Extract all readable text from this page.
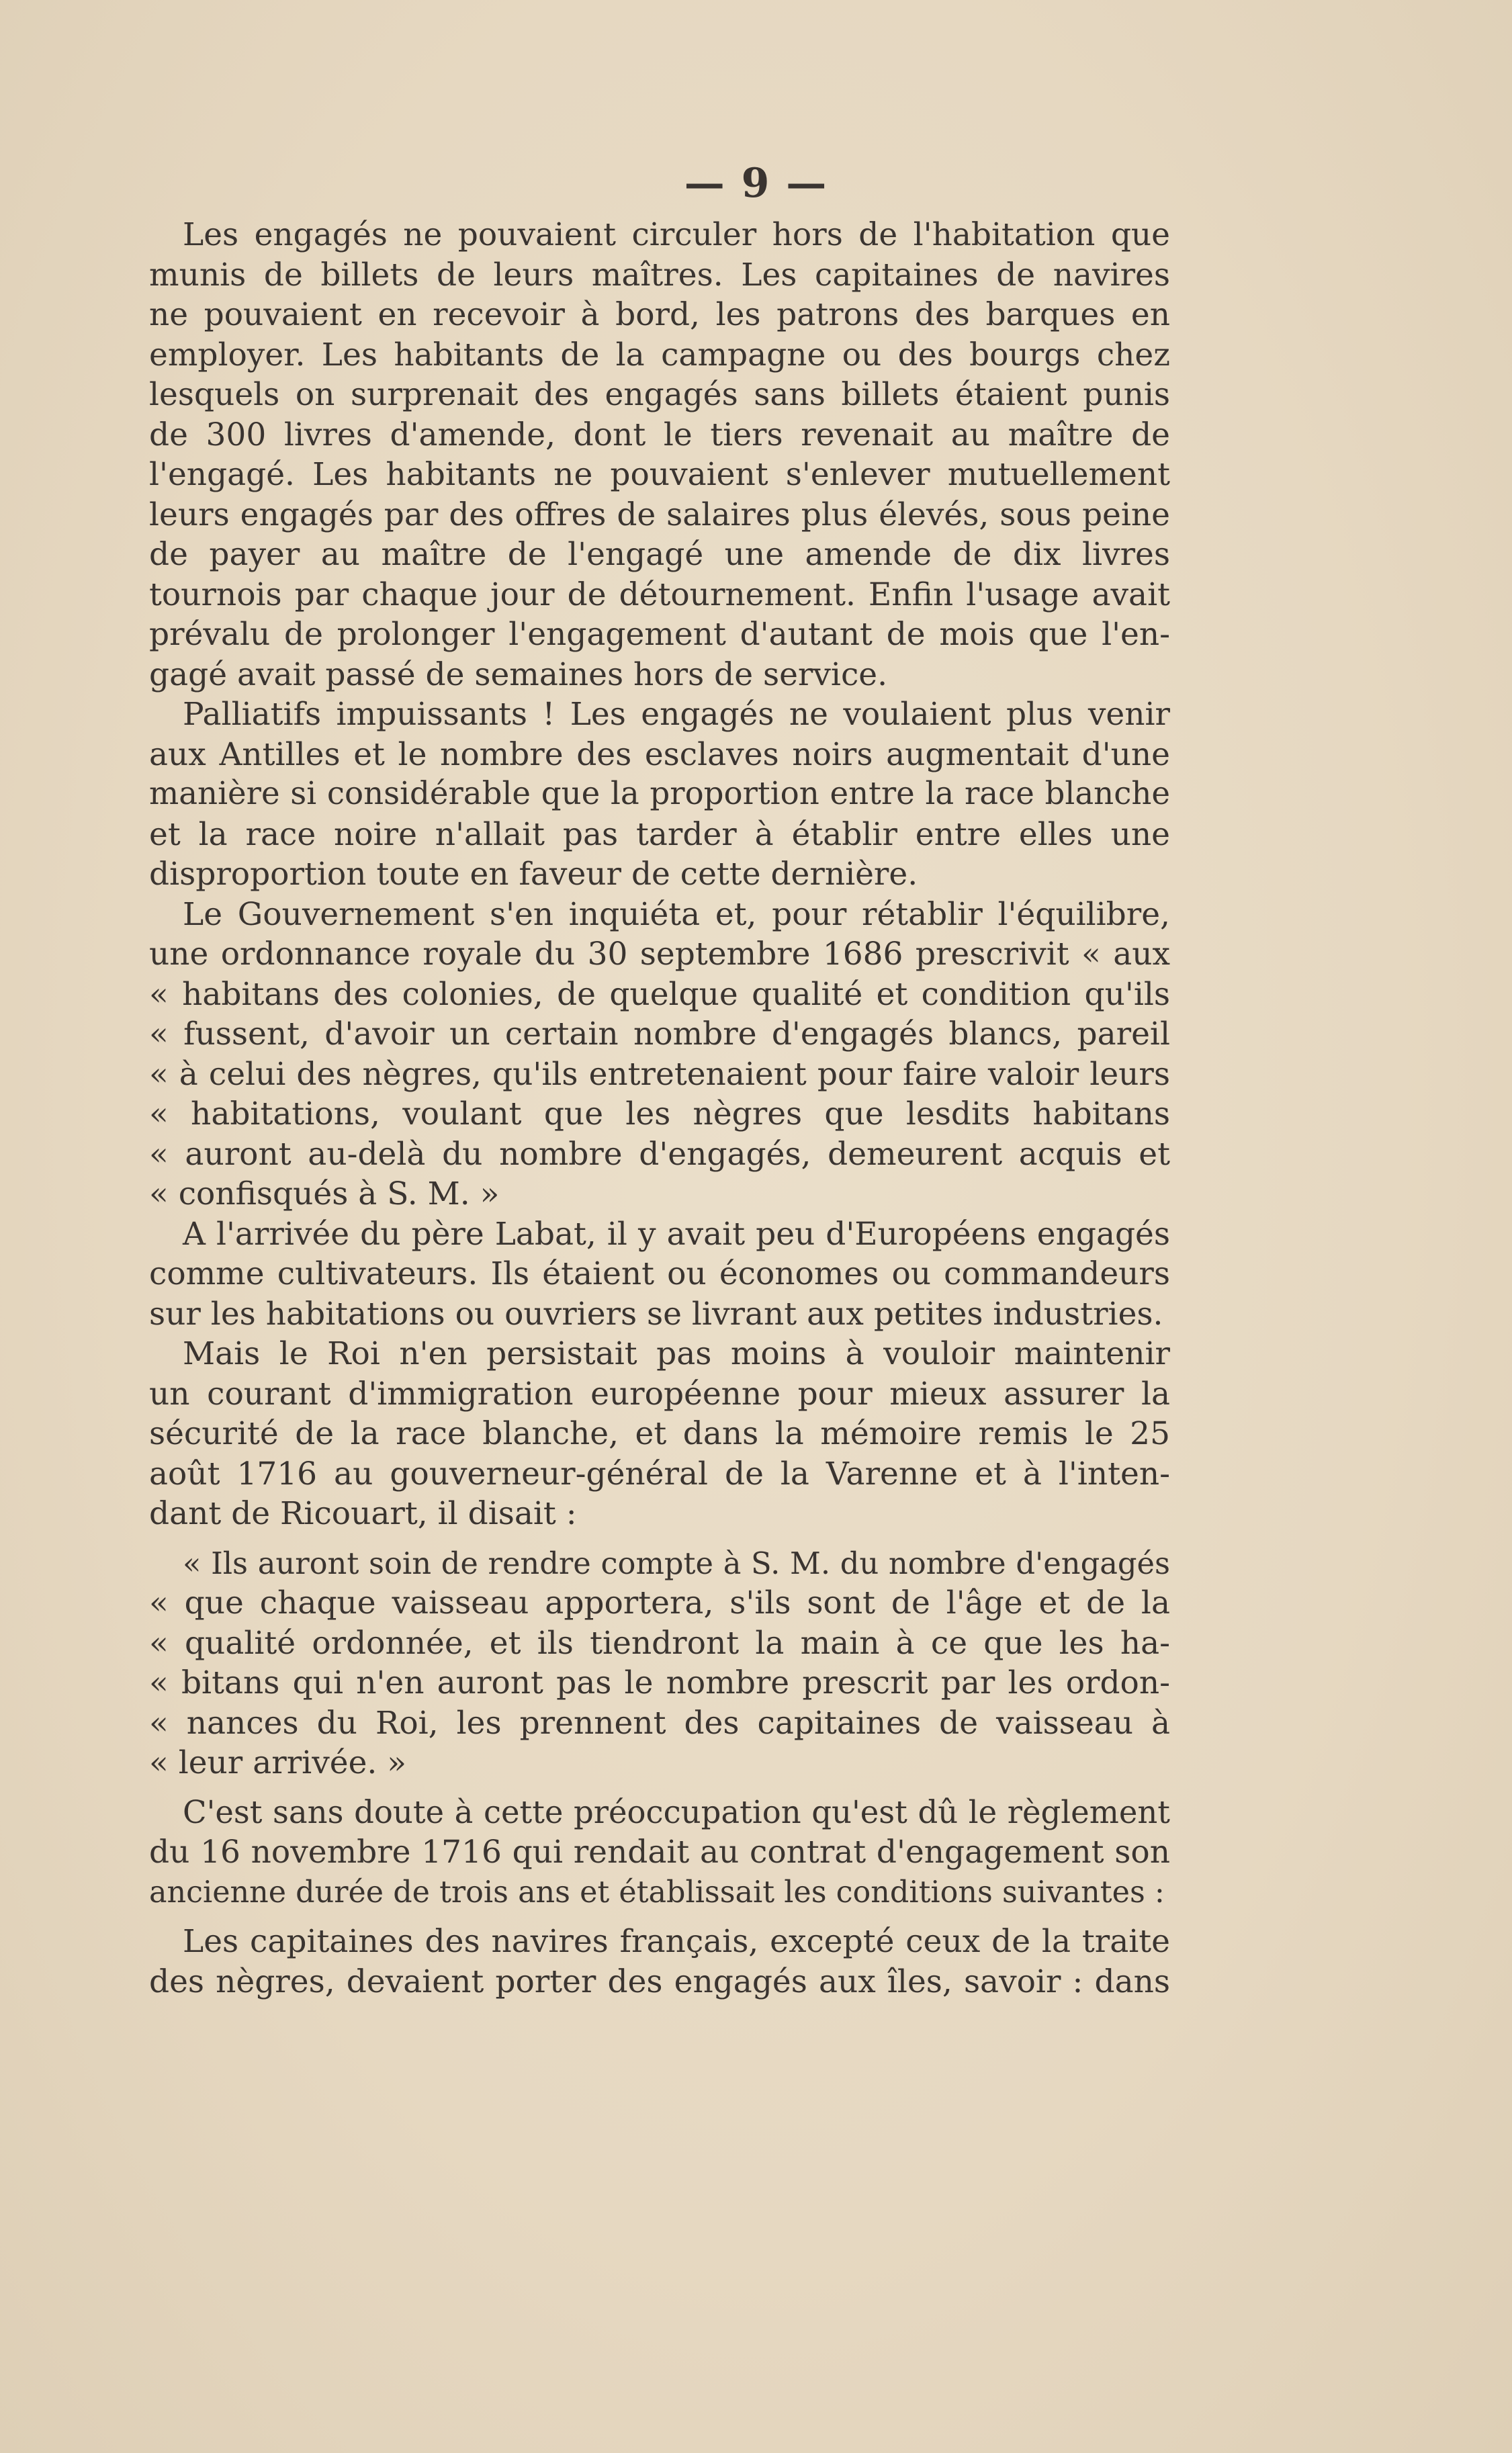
— 9 —

Les engagés ne pouvaient circuler hors de l'habitation que
munis de billets de leurs maîtres. Les capitaines de navires
ne pouvaient en recevoir à bord, les patrons des barques en
employer. Les habitants de la campagne ou des bourgs chez
lesquels on surprenait des engagés sans billets étaient punis
de 300 livres d'amende, dont le tiers revenait au maître de
l'engagé. Les habitants ne pouvaient s'enlever mutuellement
leurs engagés par des offres de salaires plus élevés, sous peine
de payer au maître de l'engagé une amende de dix livres
tournois par chaque jour de détournement. Enfin l'usage avait
prévalu de prolonger l'engagement d'autant de mois que l'en-
gagé avait passé de semaines hors de service.

Palliatifs impuissants ! Les engagés ne voulaient plus venir
aux Antilles et le nombre des esclaves noirs augmentait d'une
manière si considérable que la proportion entre la race blanche
et la race noire n'allait pas tarder à établir entre elles une
disproportion toute en faveur de cette dernière.

Le Gouvernement s'en inquiéta et, pour rétablir l'équilibre,
une ordonnance royale du 30 septembre 1686 prescrivit « aux
« habitans des colonies, de quelque qualité et condition qu'ils
« fussent, d'avoir un certain nombre d'engagés blancs, pareil
« à celui des nègres, qu'ils entretenaient pour faire valoir leurs
« habitations, voulant que les nègres que lesdits habitans
« auront au-delà du nombre d'engagés, demeurent acquis et
« confisqués à S. M. »

A l'arrivée du père Labat, il y avait peu d'Européens engagés
comme cultivateurs. Ils étaient ou économes ou commandeurs
sur les habitations ou ouvriers se livrant aux petites industries.

Mais le Roi n'en persistait pas moins à vouloir maintenir
un courant d'immigration européenne pour mieux assurer la
sécurité de la race blanche, et dans la mémoire remis le 25
août 1716 au gouverneur-général de la Varenne et à l'inten-
dant de Ricouart, il disait :

« Ils auront soin de rendre compte à S. M. du nombre d'engagés
« que chaque vaisseau apportera, s'ils sont de l'âge et de la
« qualité ordonnée, et ils tiendront la main à ce que les ha-
« bitans qui n'en auront pas le nombre prescrit par les ordon-
« nances du Roi, les prennent des capitaines de vaisseau à
« leur arrivée. »

C'est sans doute à cette préoccupation qu'est dû le règlement
du 16 novembre 1716 qui rendait au contrat d'engagement son
ancienne durée de trois ans et établissait les conditions suivantes :

Les capitaines des navires français, excepté ceux de la traite
des nègres, devaient porter des engagés aux îles, savoir : dans
